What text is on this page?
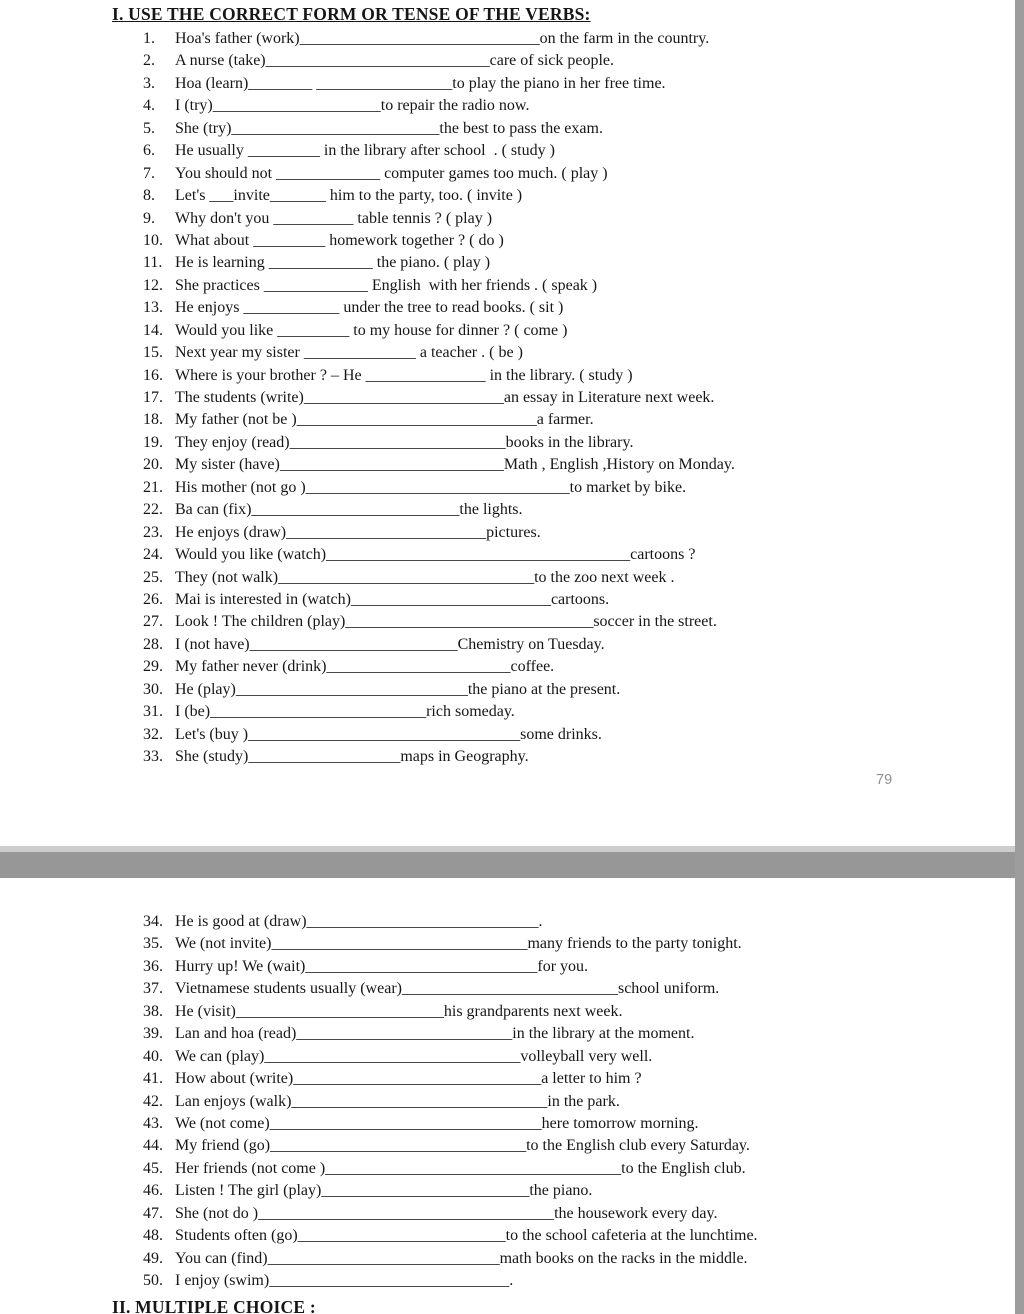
I. USE THE CORRECT FORM OR TENSE OF THE VERBS:
1.	Hoa's father (work)______________________________on the farm in the country.
2.	A nurse (take)____________________________care of sick people.
3.	Hoa (learn)________ _________________to play the piano in her free time.
4.	I (try)_____________________to repair the radio now.
5.	She (try)__________________________the best to pass the exam.
6.	He usually _________ in the library after school  . ( study )
7.	You should not _____________ computer games too much. ( play )
8.	Let's ___invite_______ him to the party, too. ( invite )
9.	Why don't you __________ table tennis ? ( play )
10. What about _________ homework together ? ( do )
11. He is learning _____________ the piano. ( play )
12. She practices _____________ English  with her friends . ( speak )
13. He enjoys ____________ under the tree to read books. ( sit )
14. Would you like _________ to my house for dinner ? ( come )
15. Next year my sister ______________ a teacher . ( be )
16. Where is your brother ? – He _______________ in the library. ( study )
17. The students (write)_________________________an essay in Literature next week.
18. My father (not be )______________________________a farmer.
19. They enjoy (read)___________________________books in the library.
20. My sister (have)____________________________Math , English ,History on Monday.
21. His mother (not go )_________________________________to market by bike.
22. Ba can (fix)__________________________the lights.
23. He enjoys (draw)_________________________pictures.
24. Would you like (watch)______________________________________cartoons ?
25. They (not walk)________________________________to the zoo next week .
26. Mai is interested in (watch)_________________________cartoons.
27. Look ! The children (play)_______________________________soccer in the street.
28. I (not have)__________________________Chemistry on Tuesday.
29. My father never (drink)_______________________coffee.
30. He (play)_____________________________the piano at the present.
31. I (be)___________________________rich someday.
32. Let's (buy )__________________________________some drinks.
33. She (study)___________________maps in Geography.
79
34. He is good at (draw)_____________________________.
35. We (not invite)________________________________many friends to the party tonight.
36. Hurry up! We (wait)_____________________________for you.
37. Vietnamese students usually (wear)___________________________school uniform.
38. He (visit)__________________________his grandparents next week.
39. Lan and hoa (read)___________________________in the library at the moment.
40. We can (play)________________________________volleyball very well.
41. How about (write)_______________________________a letter to him ?
42. Lan enjoys (walk)________________________________in the park.
43. We (not come)__________________________________here tomorrow morning.
44. My friend (go)________________________________to the English club every Saturday.
45. Her friends (not come )_____________________________________to the English club.
46. Listen ! The girl (play)__________________________the piano.
47. She (not do )_____________________________________the housework every day.
48. Students often (go)__________________________to the school cafeteria at the lunchtime.
49. You can (find)_____________________________math books on the racks in the middle.
50. I enjoy (swim)______________________________.
II. MULTIPLE CHOICE :
